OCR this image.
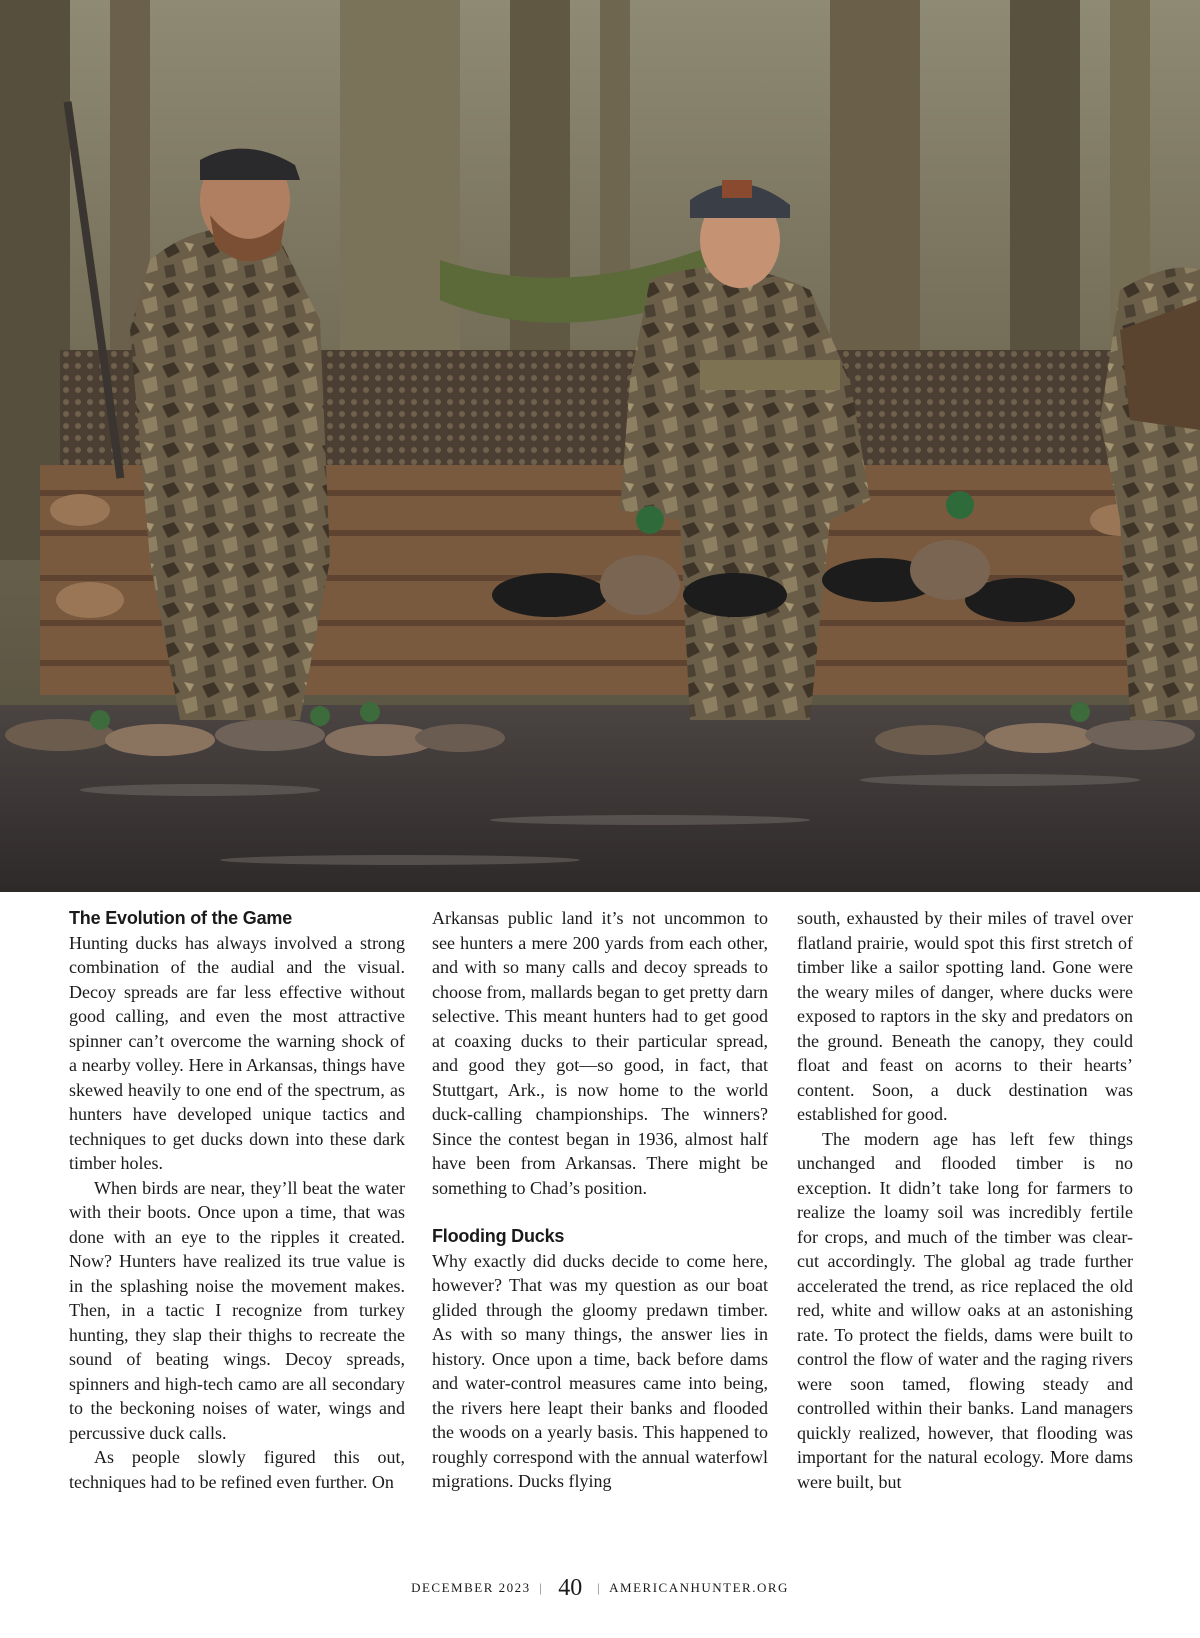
The Evolution of the Game

Hunting ducks has always involved a strong combination of the audial and the visual. Decoy spreads are far less effective without good calling, and even the most attractive spinner can’t overcome the warning shock of a nearby volley. Here in Arkansas, things have skewed heavily to one end of the spectrum, as hunters have developed unique tactics and techniques to get ducks down into these dark timber holes.

When birds are near, they’ll beat the water with their boots. Once upon a time, that was done with an eye to the ripples it created. Now? Hunters have realized its true value is in the splashing noise the movement makes. Then, in a tactic I recognize from turkey hunting, they slap their thighs to recreate the sound of beating wings. Decoy spreads, spinners and high-tech camo are all secondary to the beckoning noises of water, wings and percussive duck calls.

As people slowly figured this out, techniques had to be refined even further. On

Arkansas public land it’s not uncommon to see hunters a mere 200 yards from each other, and with so many calls and decoy spreads to choose from, mallards began to get pretty darn selective. This meant hunters had to get good at coaxing ducks to their particular spread, and good they got—so good, in fact, that Stuttgart, Ark., is now home to the world duck-calling championships. The winners? Since the contest began in 1936, almost half have been from Arkansas. There might be something to Chad’s position.

Flooding Ducks

Why exactly did ducks decide to come here, however? That was my question as our boat glided through the gloomy predawn timber. As with so many things, the answer lies in history. Once upon a time, back before dams and water-control measures came into being, the rivers here leapt their banks and flooded the woods on a yearly basis. This happened to roughly correspond with the annual waterfowl migrations. Ducks flying

south, exhausted by their miles of travel over flatland prairie, would spot this first stretch of timber like a sailor spotting land. Gone were the weary miles of danger, where ducks were exposed to raptors in the sky and predators on the ground. Beneath the canopy, they could float and feast on acorns to their hearts’ content. Soon, a duck destination was established for good.

The modern age has left few things unchanged and flooded timber is no exception. It didn’t take long for farmers to realize the loamy soil was incredibly fertile for crops, and much of the timber was clear-cut accordingly. The global ag trade further accelerated the trend, as rice replaced the old red, white and willow oaks at an astonishing rate. To protect the fields, dams were built to control the flow of water and the raging rivers were soon tamed, flowing steady and controlled within their banks. Land managers quickly realized, however, that flooding was important for the natural ecology. More dams were built, but

DECEMBER 2023 | 40 | AMERICANHUNTER.ORG
